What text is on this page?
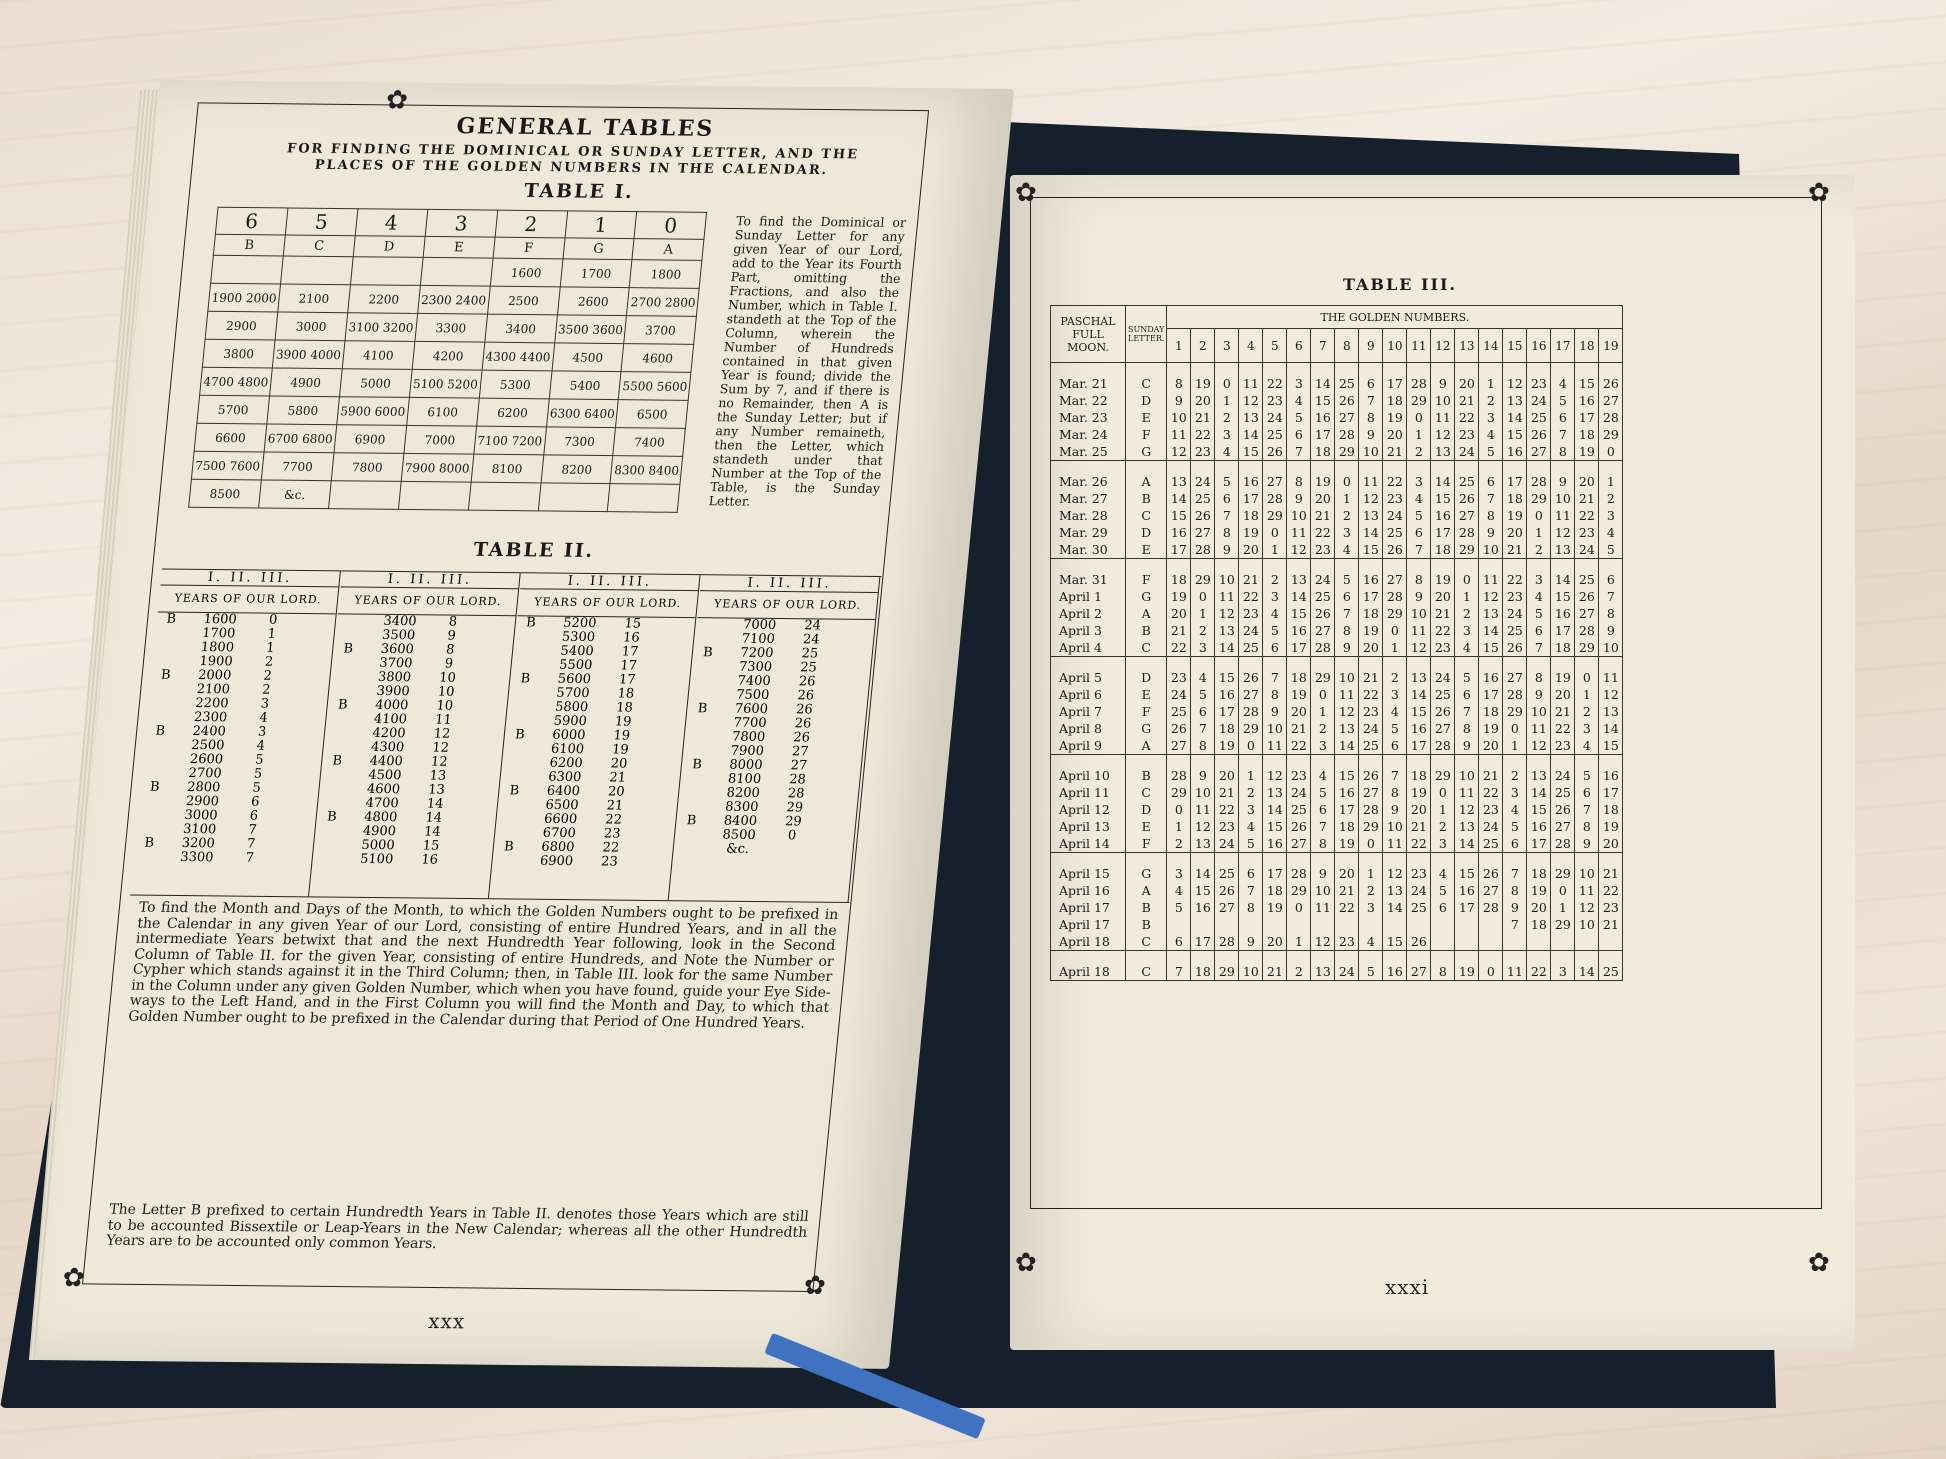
✿
✿	✿
GENERAL TABLES
FOR FINDING THE DOMINICAL OR SUNDAY LETTER, AND THE
PLACES OF THE GOLDEN NUMBERS IN THE CALENDAR.
TABLE I.
6	5	4	3	2	1	0
B	C	D	E	F	G	A
				1600	1700	1800
1900 2000	2100	2200	2300 2400	2500	2600	2700 2800
2900	3000	3100 3200	3300	3400	3500 3600	3700
3800	3900 4000	4100	4200	4300 4400	4500	4600
4700 4800	4900	5000	5100 5200	5300	5400	5500 5600
5700	5800	5900 6000	6100	6200	6300 6400	6500
6600	6700 6800	6900	7000	7100 7200	7300	7400
7500 7600	7700	7800	7900 8000	8100	8200	8300 8400
8500	&c.					
To find the Dominical or Sunday Letter for any given Year of our Lord, add to the Year its Fourth Part, omitting the Fractions, and also the Number, which in Table I. standeth at the Top of the Column, wherein the Number of Hundreds contained in that given Year is found; divide the Sum by 7, and if there is no Remainder, then A is the Sunday Letter; but if any Number remaineth, then the Letter, which standeth under that Number at the Top of the Table, is the Sunday Letter.
TABLE II.
I. II. III.
YEARS OF OUR LORD.
B	1600	0
1700	1
1800	1
1900	2
B	2000	2
2100	2
2200	3
2300	4
B	2400	3
2500	4
2600	5
2700	5
B	2800	5
2900	6
3000	6
3100	7
B	3200	7
3300	7
I. II. III.
YEARS OF OUR LORD.
3400	8
3500	9
B	3600	8
3700	9
3800	10
3900	10
B	4000	10
4100	11
4200	12
4300	12
B	4400	12
4500	13
4600	13
4700	14
B	4800	14
4900	14
5000	15
5100	16
I. II. III.
YEARS OF OUR LORD.
B	5200	15
5300	16
5400	17
5500	17
B	5600	17
5700	18
5800	18
5900	19
B	6000	19
6100	19
6200	20
6300	21
B	6400	20
6500	21
6600	22
6700	23
B	6800	22
6900	23
I. II. III.
YEARS OF OUR LORD.
7000	24
7100	24
B	7200	25
7300	25
7400	26
7500	26
B	7600	26
7700	26
7800	26
7900	27
B	8000	27
8100	28
8200	28
8300	29
B	8400	29
8500	0
&c.
To find the Month and Days of the Month, to which the Golden Numbers ought to be prefixed in the Calendar in any given Year of our Lord, consisting of entire Hundred Years, and in all the intermediate Years betwixt that and the next Hundredth Year following, look in the Second Column of Table II. for the given Year, consisting of entire Hundreds, and Note the Number or Cypher which stands against it in the Third Column; then, in Table III. look for the same Number in the Column under any given Golden Number, which when you have found, guide your Eye Side-ways to the Left Hand, and in the First Column you will find the Month and Day, to which that Golden Number ought to be prefixed in the Calendar during that Period of One Hundred Years.
The Letter B prefixed to certain Hundredth Years in Table II. denotes those Years which are still to be accounted Bissextile or Leap-Years in the New Calendar; whereas all the other Hundredth Years are to be accounted only common Years.
xxx
✿	✿
✿	✿
TABLE III.
PASCHAL FULL MOON.	SUNDAY LETTER.	THE GOLDEN NUMBERS.																		
		1	2	3	4	5	6	7	8	9	10	11	12	13	14	15	16	17	18	19

Mar. 21	C	8	19	0	11	22	3	14	25	6	17	28	9	20	1	12	23	4	15	26
Mar. 22	D	9	20	1	12	23	4	15	26	7	18	29	10	21	2	13	24	5	16	27
Mar. 23	E	10	21	2	13	24	5	16	27	8	19	0	11	22	3	14	25	6	17	28
Mar. 24	F	11	22	3	14	25	6	17	28	9	20	1	12	23	4	15	26	7	18	29
Mar. 25	G	12	23	4	15	26	7	18	29	10	21	2	13	24	5	16	27	8	19	0

Mar. 26	A	13	24	5	16	27	8	19	0	11	22	3	14	25	6	17	28	9	20	1
Mar. 27	B	14	25	6	17	28	9	20	1	12	23	4	15	26	7	18	29	10	21	2
Mar. 28	C	15	26	7	18	29	10	21	2	13	24	5	16	27	8	19	0	11	22	3
Mar. 29	D	16	27	8	19	0	11	22	3	14	25	6	17	28	9	20	1	12	23	4
Mar. 30	E	17	28	9	20	1	12	23	4	15	26	7	18	29	10	21	2	13	24	5

Mar. 31	F	18	29	10	21	2	13	24	5	16	27	8	19	0	11	22	3	14	25	6
April 1	G	19	0	11	22	3	14	25	6	17	28	9	20	1	12	23	4	15	26	7
April 2	A	20	1	12	23	4	15	26	7	18	29	10	21	2	13	24	5	16	27	8
April 3	B	21	2	13	24	5	16	27	8	19	0	11	22	3	14	25	6	17	28	9
April 4	C	22	3	14	25	6	17	28	9	20	1	12	23	4	15	26	7	18	29	10

April 5	D	23	4	15	26	7	18	29	10	21	2	13	24	5	16	27	8	19	0	11
April 6	E	24	5	16	27	8	19	0	11	22	3	14	25	6	17	28	9	20	1	12
April 7	F	25	6	17	28	9	20	1	12	23	4	15	26	7	18	29	10	21	2	13
April 8	G	26	7	18	29	10	21	2	13	24	5	16	27	8	19	0	11	22	3	14
April 9	A	27	8	19	0	11	22	3	14	25	6	17	28	9	20	1	12	23	4	15

April 10	B	28	9	20	1	12	23	4	15	26	7	18	29	10	21	2	13	24	5	16
April 11	C	29	10	21	2	13	24	5	16	27	8	19	0	11	22	3	14	25	6	17
April 12	D	0	11	22	3	14	25	6	17	28	9	20	1	12	23	4	15	26	7	18
April 13	E	1	12	23	4	15	26	7	18	29	10	21	2	13	24	5	16	27	8	19
April 14	F	2	13	24	5	16	27	8	19	0	11	22	3	14	25	6	17	28	9	20

April 15	G	3	14	25	6	17	28	9	20	1	12	23	4	15	26	7	18	29	10	21
April 16	A	4	15	26	7	18	29	10	21	2	13	24	5	16	27	8	19	0	11	22
April 17	B	5	16	27	8	19	0	11	22	3	14	25	6	17	28	9	20	1	12	23
April 17	B															7	18	29	10	21
April 18	C	6	17	28	9	20	1	12	23	4	15	26								

April 18	C	7	18	29	10	21	2	13	24	5	16	27	8	19	0	11	22	3	14	25
xxxi
